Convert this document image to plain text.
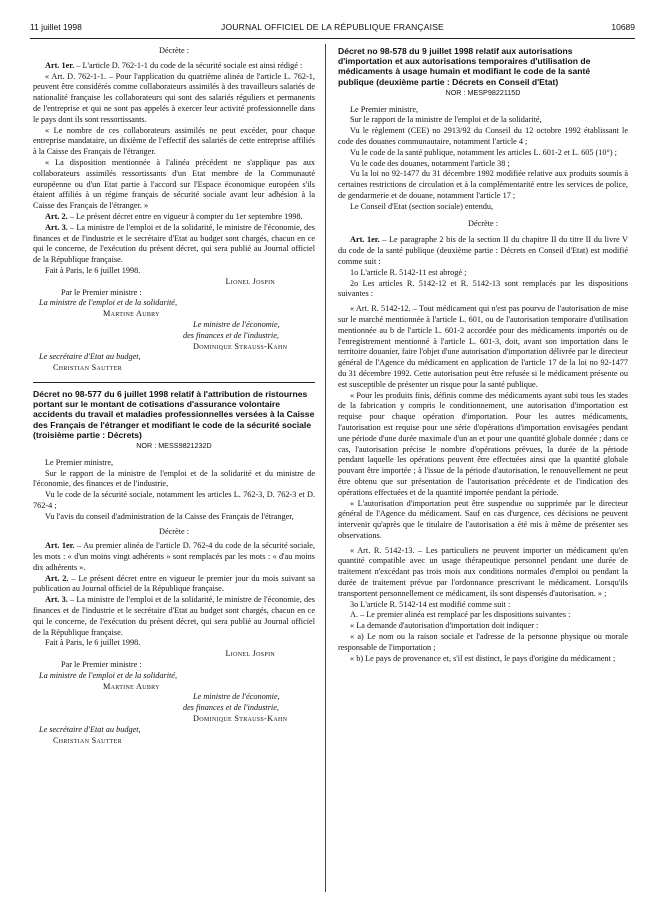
11 juillet 1998	JOURNAL OFFICIEL DE LA RÉPUBLIQUE FRANÇAISE	10689

Décrète :

Art. 1er. – L'article D. 762-1-1 du code de la sécurité sociale est ainsi rédigé :

« Art. D. 762-1-1. – Pour l'application du quatrième alinéa de l'article L. 762-1, peuvent être considérés comme collaborateurs assimilés à des travailleurs salariés de nationalité française les collaborateurs qui sont des salariés réguliers et permanents de l'entreprise et qui ne sont pas appelés à exercer leur activité professionnelle dans le pays dont ils sont ressortissants.

« Le nombre de ces collaborateurs assimilés ne peut excéder, pour chaque entreprise mandataire, un dixième de l'effectif des salariés de cette entreprise affiliés à la Caisse des Français de l'étranger.

« La disposition mentionnée à l'alinéa précédent ne s'applique pas aux collaborateurs assimilés ressortissants d'un Etat membre de la Communauté européenne ou d'un Etat partie à l'accord sur l'Espace économique européen s'ils étaient affiliés à un régime français de sécurité sociale avant leur adhésion à la Caisse des Français de l'étranger. »

Art. 2. – Le présent décret entre en vigueur à compter du 1er septembre 1998.

Art. 3. – La ministre de l'emploi et de la solidarité, le ministre de l'économie, des finances et de l'industrie et le secrétaire d'Etat au budget sont chargés, chacun en ce qui le concerne, de l'exécution du présent décret, qui sera publié au Journal officiel de la République française.

Fait à Paris, le 6 juillet 1998.

Lionel Jospin

Par le Premier ministre :

La ministre de l'emploi et de la solidarité,

Martine Aubry

Le ministre de l'économie,

des finances et de l'industrie,

Dominique Strauss-Kahn

Le secrétaire d'Etat au budget,

Christian Sautter

Décret no 98-577 du 6 juillet 1998 relatif à l'attribution de ristournes portant sur le montant de cotisations d'assurance volontaire accidents du travail et maladies professionnelles versées à la Caisse des Français de l'étranger et modifiant le code de la sécurité sociale (troisième partie : Décrets)

NOR : MESS9821232D

Le Premier ministre,

Sur le rapport de la ministre de l'emploi et de la solidarité et du ministre de l'économie, des finances et de l'industrie,

Vu le code de la sécurité sociale, notamment les articles L. 762-3, D. 762-3 et D. 762-4 ;

Vu l'avis du conseil d'administration de la Caisse des Français de l'étranger,

Décrète :

Art. 1er. – Au premier alinéa de l'article D. 762-4 du code de la sécurité sociale, les mots : « d'un moins vingt adhérents » sont remplacés par les mots : « d'au moins dix adhérents ».

Art. 2. – Le présent décret entre en vigueur le premier jour du mois suivant sa publication au Journal officiel de la République française.

Art. 3. – La ministre de l'emploi et de la solidarité, le ministre de l'économie, des finances et de l'industrie et le secrétaire d'Etat au budget sont chargés, chacun en ce qui le concerne, de l'exécution du présent décret, qui sera publié au Journal officiel de la République française.

Fait à Paris, le 6 juillet 1998.

Lionel Jospin

Par le Premier ministre :

La ministre de l'emploi et de la solidarité,

Martine Aubry

Le ministre de l'économie,

des finances et de l'industrie,

Dominique Strauss-Kahn

Le secrétaire d'Etat au budget,

Christian Sautter

Décret no 98-578 du 9 juillet 1998 relatif aux autorisations d'importation et aux autorisations temporaires d'utilisation de médicaments à usage humain et modifiant le code de la santé publique (deuxième partie : Décrets en Conseil d'Etat)

NOR : MESP9822115D

Le Premier ministre,

Sur le rapport de la ministre de l'emploi et de la solidarité,

Vu le règlement (CEE) no 2913/92 du Conseil du 12 octobre 1992 établissant le code des douanes communautaire, notamment l'article 4 ;

Vu le code de la santé publique, notamment les articles L. 601-2 et L. 605 (10°) ;

Vu le code des douanes, notamment l'article 38 ;

Vu la loi no 92-1477 du 31 décembre 1992 modifiée relative aux produits soumis à certaines restrictions de circulation et à la complémentarité entre les services de police, de gendarmerie et de douane, notamment l'article 17 ;

Le Conseil d'Etat (section sociale) entendu,

Décrète :

Art. 1er. – Le paragraphe 2 bis de la section II du chapitre II du titre II du livre V du code de la santé publique (deuxième partie : Décrets en Conseil d'Etat) est modifié comme suit :

1o L'article R. 5142-11 est abrogé ;

2o Les articles R. 5142-12 et R. 5142-13 sont remplacés par les dispositions suivantes :

« Art. R. 5142-12. – Tout médicament qui n'est pas pourvu de l'autorisation de mise sur le marché mentionnée à l'article L. 601, ou de l'autorisation temporaire d'utilisation mentionnée au b de l'article L. 601-2 accordée pour des médicaments importés ou de l'enregistrement mentionné à l'article L. 601-3, doit, avant son importation dans le territoire douanier, faire l'objet d'une autorisation d'importation délivrée par le directeur général de l'Agence du médicament en application de l'article 17 de la loi no 92-1477 du 31 décembre 1992. Cette autorisation peut être refusée si le médicament présente ou est susceptible de présenter un risque pour la santé publique.

« Pour les produits finis, définis comme des médicaments ayant subi tous les stades de la fabrication y compris le conditionnement, une autorisation d'importation est requise pour chaque opération d'importation. Pour les autres médicaments, l'autorisation est requise pour une série d'opérations d'importation envisagées pendant une période d'une durée maximale d'un an et pour une quantité globale donnée ; dans ce cas, l'autorisation précise le nombre d'opérations prévues, la durée de la période pendant laquelle les opérations peuvent être effectuées ainsi que la quantité globale pouvant être importée ; à l'issue de la période d'autorisation, le renouvellement ne peut être obtenu que sur présentation de l'autorisation précédente et de l'indication des opérations effectuées et de la quantité importée pendant la période.

« L'autorisation d'importation peut être suspendue ou supprimée par le directeur général de l'Agence du médicament. Sauf en cas d'urgence, ces décisions ne peuvent intervenir qu'après que le titulaire de l'autorisation a été mis à même de présenter ses observations.

« Art. R. 5142-13. – Les particuliers ne peuvent importer un médicament qu'en quantité compatible avec un usage thérapeutique personnel pendant une durée de traitement n'excédant pas trois mois aux conditions normales d'emploi ou pendant la durée de traitement prévue par l'ordonnance prescrivant le médicament. Lorsqu'ils transportent personnellement ce médicament, ils sont dispensés d'autorisation. » ;

3o L'article R. 5142-14 est modifié comme suit :

A. – Le premier alinéa est remplacé par les dispositions suivantes :

« La demande d'autorisation d'importation doit indiquer :

« a) Le nom ou la raison sociale et l'adresse de la personne physique ou morale responsable de l'importation ;

« b) Le pays de provenance et, s'il est distinct, le pays d'origine du médicament ;
